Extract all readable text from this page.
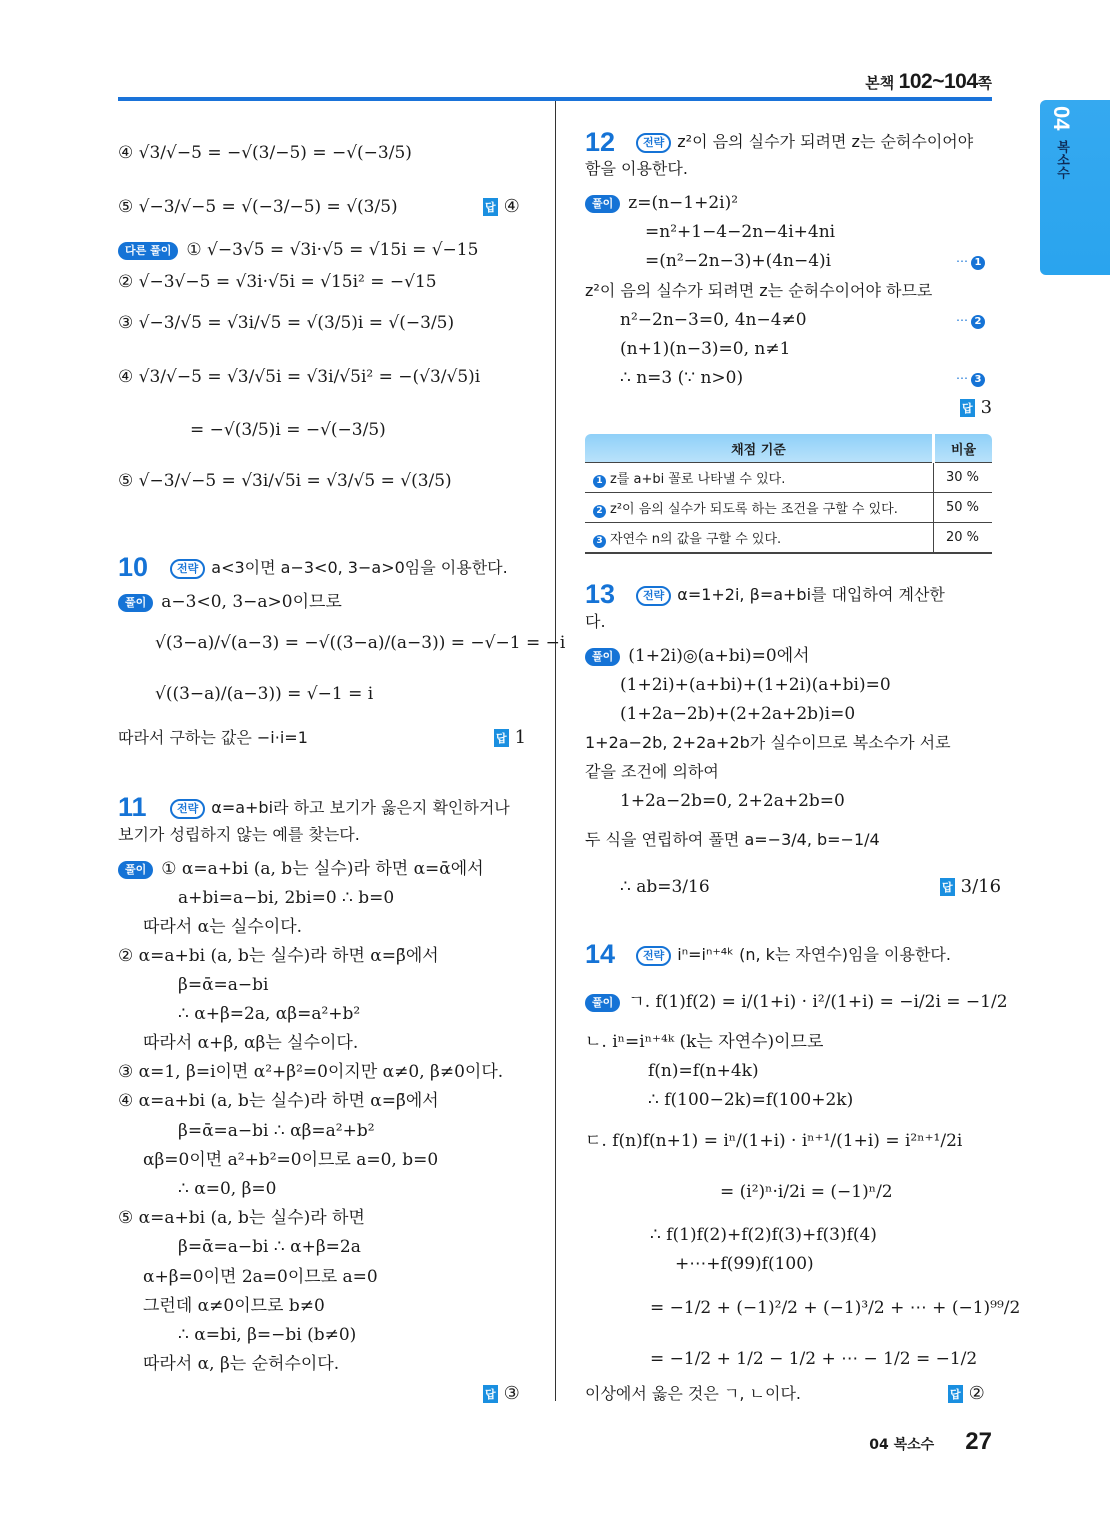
본책 102~104쪽
04
복소수
④ √3/√−5 = −√(3/−5) = −√(−3/5)
⑤ √−3/√−5 = √(−3/−5) = √(3/5)	답 ④
다른 풀이 ① √−3√5 = √3i·√5 = √15i = √−15
② √−3√−5 = √3i·√5i = √15i² = −√15
③ √−3/√5 = √3i/√5 = √(3/5)i = √(−3/5)
④ √3/√−5 = √3/√5i = √3i/√5i² = −(√3/√5)i
= −√(3/5)i = −√(−3/5)
⑤ √−3/√−5 = √3i/√5i = √3/√5 = √(3/5)
10	전략 a<3이면 a−3<0, 3−a>0임을 이용한다.
풀이 a−3<0, 3−a>0이므로
√(3−a)/√(a−3) = −√((3−a)/(a−3)) = −√−1 = −i
√((3−a)/(a−3)) = √−1 = i
따라서 구하는 값은 −i·i=1	답 1
11	전략 α=a+bi라 하고 보기가 옳은지 확인하거나
보기가 성립하지 않는 예를 찾는다.
풀이 ① α=a+bi (a, b는 실수)라 하면 α=ᾱ에서
a+bi=a−bi, 2bi=0 ∴ b=0
따라서 α는 실수이다.
② α=a+bi (a, b는 실수)라 하면 α=β̄에서
β=ᾱ=a−bi
∴ α+β=2a, αβ=a²+b²
따라서 α+β, αβ는 실수이다.
③ α=1, β=i이면 α²+β²=0이지만 α≠0, β≠0이다.
④ α=a+bi (a, b는 실수)라 하면 α=β̄에서
β=ᾱ=a−bi ∴ αβ=a²+b²
αβ=0이면 a²+b²=0이므로 a=0, b=0
∴ α=0, β=0
⑤ α=a+bi (a, b는 실수)라 하면
β=ᾱ=a−bi ∴ α+β=2a
α+β=0이면 2a=0이므로 a=0
그런데 α≠0이므로 b≠0
∴ α=bi, β=−bi (b≠0)
따라서 α, β는 순허수이다.
답 ③
12	전략 z²이 음의 실수가 되려면 z는 순허수이어야
함을 이용한다.
풀이 z=(n−1+2i)²
=n²+1−4−2n−4i+4ni
=(n²−2n−3)+(4n−4)i	⋯ 1
z²이 음의 실수가 되려면 z는 순허수이어야 하므로
n²−2n−3=0, 4n−4≠0	⋯ 2
(n+1)(n−3)=0, n≠1
∴ n=3 (∵ n>0)	⋯ 3
답 3
채점 기준	비율
1 z를 a+bi 꼴로 나타낼 수 있다.	30 %
2 z²이 음의 실수가 되도록 하는 조건을 구할 수 있다.	50 %
3 자연수 n의 값을 구할 수 있다.	20 %
13	전략 α=1+2i, β=a+bi를 대입하여 계산한
다.
풀이 (1+2i)◎(a+bi)=0에서
(1+2i)+(a+bi)+(1+2i)(a+bi)=0
(1+2a−2b)+(2+2a+2b)i=0
1+2a−2b, 2+2a+2b가 실수이므로 복소수가 서로
같을 조건에 의하여
1+2a−2b=0, 2+2a+2b=0
두 식을 연립하여 풀면 a=−3/4, b=−1/4
∴ ab=3/16	답 3/16
14	전략 iⁿ=iⁿ⁺⁴ᵏ (n, k는 자연수)임을 이용한다.
풀이 ㄱ. f(1)f(2) = i/(1+i) · i²/(1+i) = −i/2i = −1/2
ㄴ. iⁿ=iⁿ⁺⁴ᵏ (k는 자연수)이므로
f(n)=f(n+4k)
∴ f(100−2k)=f(100+2k)
ㄷ. f(n)f(n+1) = iⁿ/(1+i) · iⁿ⁺¹/(1+i) = i²ⁿ⁺¹/2i
= (i²)ⁿ·i/2i = (−1)ⁿ/2
∴ f(1)f(2)+f(2)f(3)+f(3)f(4)
+⋯+f(99)f(100)
= −1/2 + (−1)²/2 + (−1)³/2 + ⋯ + (−1)⁹⁹/2
= −1/2 + 1/2 − 1/2 + ⋯ − 1/2 = −1/2
이상에서 옳은 것은 ㄱ, ㄴ이다.	답 ②
04 복소수 27
